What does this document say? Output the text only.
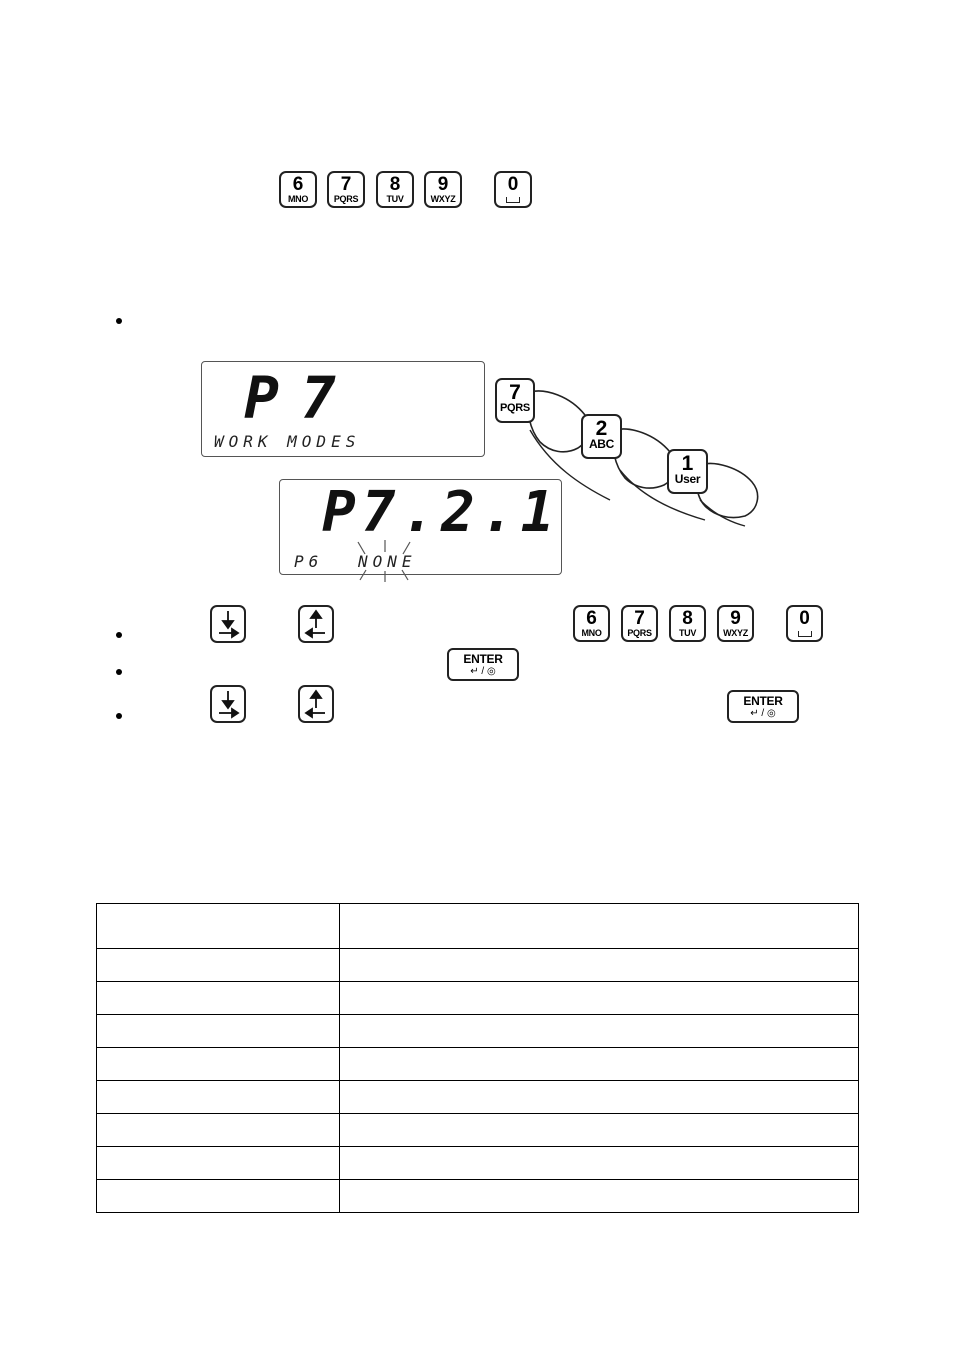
6
MNO
7
PQRS
8
TUV
9
WXYZ
0
P7
WORK MODES
P7.2.1
P6 NONE
7
PQRS
2
ABC
1
User
6
MNO
7
PQRS
8
TUV
9
WXYZ
0
ENTER
↵ / ◎
ENTER
↵ / ◎
